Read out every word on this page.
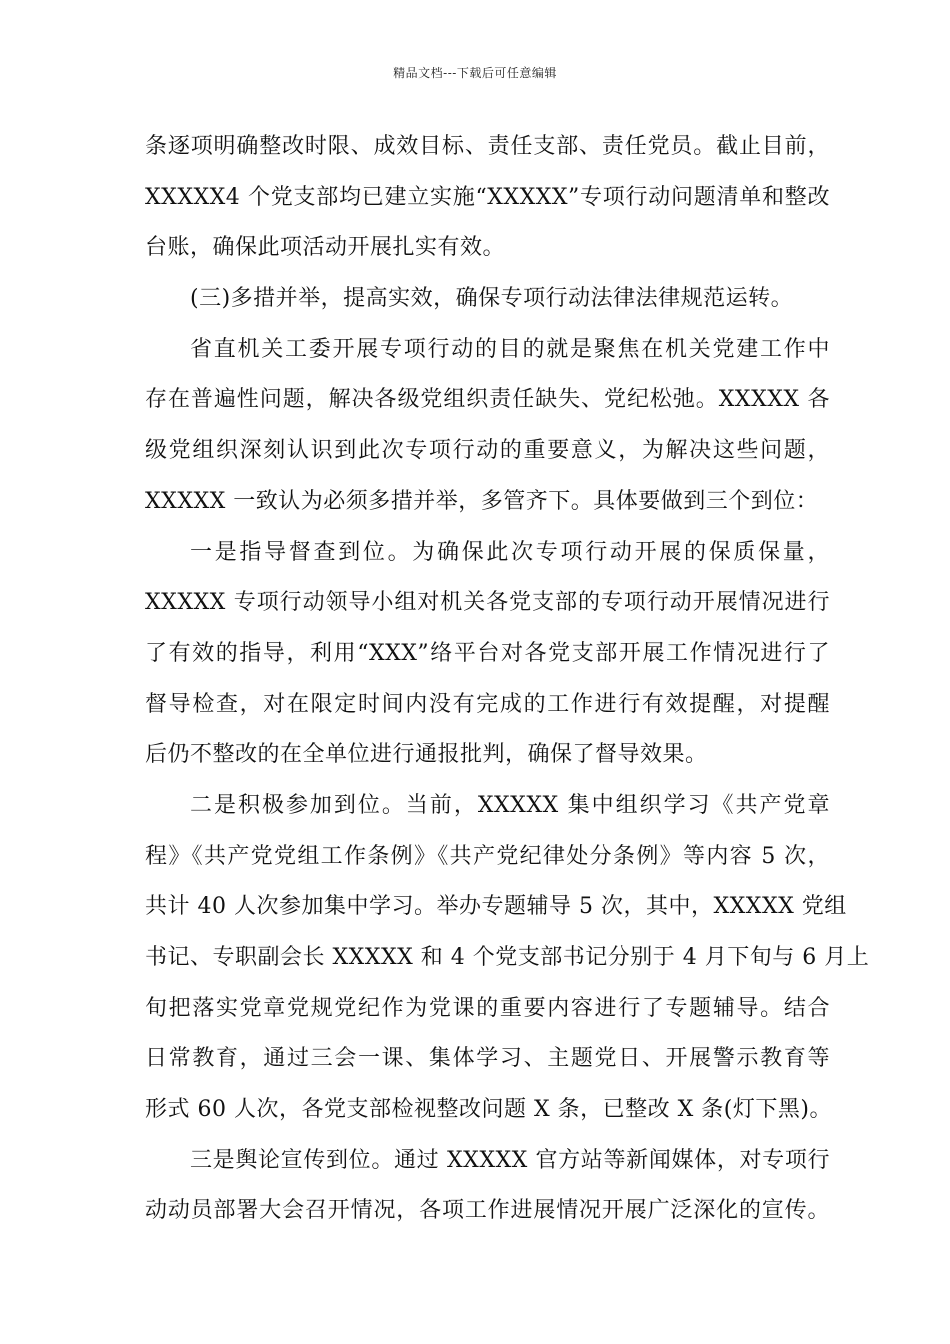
精品文档---下载后可任意编辑
条逐项明确整改时限、成效目标、责任支部、责任党员。截止目前，
XXXXX4 个党支部均已建立实施“XXXXX”专项行动问题清单和整改
台账，确保此项活动开展扎实有效。
(三)多措并举，提高实效，确保专项行动法律法律规范运转。
省直机关工委开展专项行动的目的就是聚焦在机关党建工作中
存在普遍性问题，解决各级党组织责任缺失、党纪松弛。XXXXX 各
级党组织深刻认识到此次专项行动的重要意义，为解决这些问题，
XXXXX 一致认为必须多措并举，多管齐下。具体要做到三个到位：
一是指导督查到位。为确保此次专项行动开展的保质保量，
XXXXX 专项行动领导小组对机关各党支部的专项行动开展情况进行
了有效的指导，利用“XXX”络平台对各党支部开展工作情况进行了
督导检查，对在限定时间内没有完成的工作进行有效提醒，对提醒
后仍不整改的在全单位进行通报批判，确保了督导效果。
二是积极参加到位。当前，XXXXX 集中组织学习《共产党章
程》《共产党党组工作条例》《共产党纪律处分条例》等内容 5 次，
共计 40 人次参加集中学习。举办专题辅导 5 次，其中，XXXXX 党组
书记、专职副会长 XXXXX 和 4 个党支部书记分别于 4 月下旬与 6 月上
旬把落实党章党规党纪作为党课的重要内容进行了专题辅导。结合
日常教育，通过三会一课、集体学习、主题党日、开展警示教育等
形式 60 人次，各党支部检视整改问题 X 条，已整改 X 条(灯下黑)。
三是舆论宣传到位。通过 XXXXX 官方站等新闻媒体，对专项行
动动员部署大会召开情况，各项工作进展情况开展广泛深化的宣传。
